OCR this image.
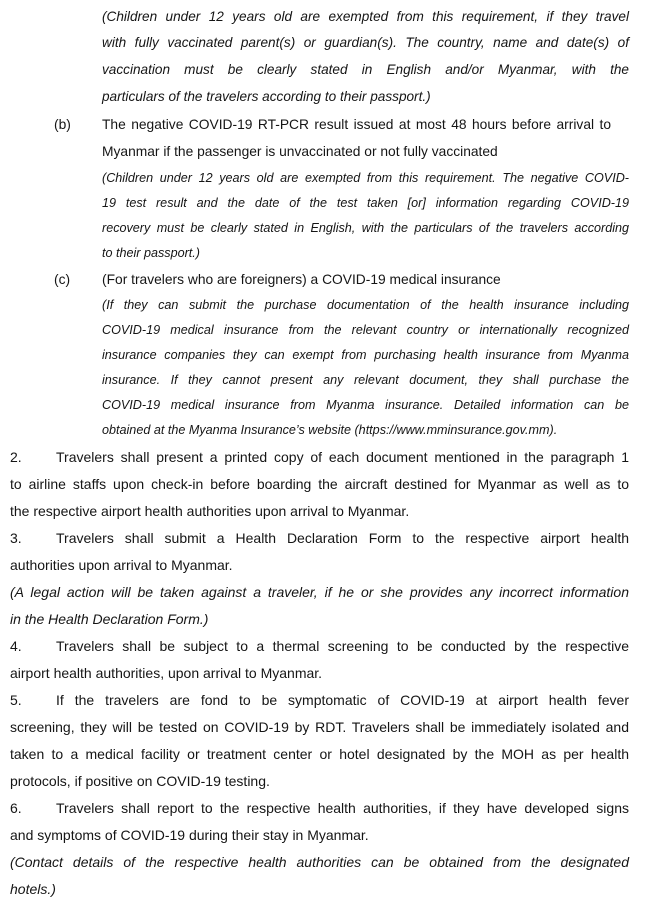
(Children under 12 years old are exempted from this requirement, if they travel
with fully vaccinated parent(s) or guardian(s). The country, name and date(s) of
vaccination must be clearly stated in English and/or Myanmar, with the
particulars of the travelers according to their passport.)
(b) The negative COVID-19 RT-PCR result issued at most 48 hours before arrival to
Myanmar if the passenger is unvaccinated or not fully vaccinated
(Children under 12 years old are exempted from this requirement. The negative COVID-
19 test result and the date of the test taken [or] information regarding COVID-19
recovery must be clearly stated in English, with the particulars of the travelers according
to their passport.)
(c) (For travelers who are foreigners) a COVID-19 medical insurance
(If they can submit the purchase documentation of the health insurance including
COVID-19 medical insurance from the relevant country or internationally recognized
insurance companies they can exempt from purchasing health insurance from Myanma
insurance. If they cannot present any relevant document, they shall purchase the
COVID-19 medical insurance from Myanma insurance. Detailed information can be
obtained at the Myanma Insurance’s website (https://www.mminsurance.gov.mm).
2. Travelers shall present a printed copy of each document mentioned in the paragraph 1
to airline staffs upon check-in before boarding the aircraft destined for Myanmar as well as to
the respective airport health authorities upon arrival to Myanmar.
3. Travelers shall submit a Health Declaration Form to the respective airport health
authorities upon arrival to Myanmar.
(A legal action will be taken against a traveler, if he or she provides any incorrect information
in the Health Declaration Form.)
4. Travelers shall be subject to a thermal screening to be conducted by the respective
airport health authorities, upon arrival to Myanmar.
5. If the travelers are fond to be symptomatic of COVID-19 at airport health fever
screening, they will be tested on COVID-19 by RDT. Travelers shall be immediately isolated and
taken to a medical facility or treatment center or hotel designated by the MOH as per health
protocols, if positive on COVID-19 testing.
6. Travelers shall report to the respective health authorities, if they have developed signs
and symptoms of COVID-19 during their stay in Myanmar.
(Contact details of the respective health authorities can be obtained from the designated
hotels.)
